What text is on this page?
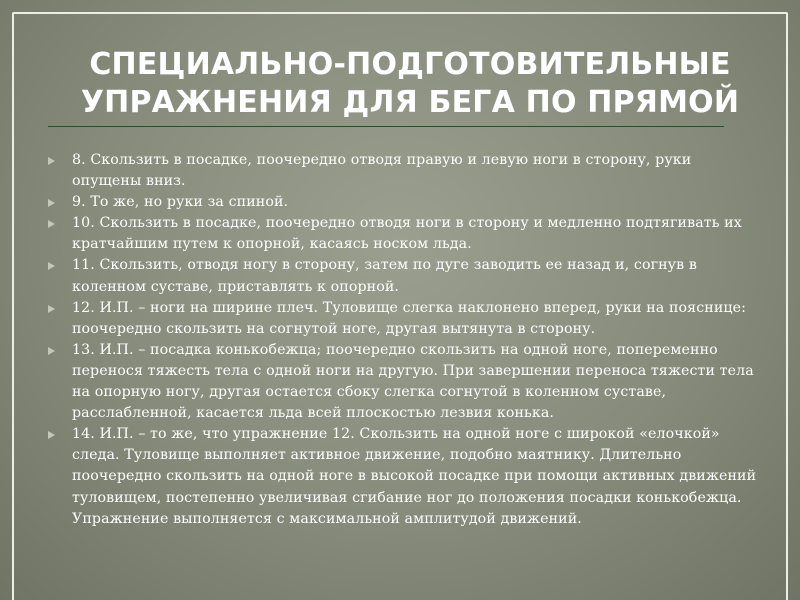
СПЕЦИАЛЬНО-ПОДГОТОВИТЕЛЬНЫЕ
УПРАЖНЕНИЯ ДЛЯ БЕГА ПО ПРЯМОЙ
8. Скользить в посадке, поочередно отводя правую и левую ноги в сторону, руки опущены вниз.
9. То же, но руки за спиной.
10. Скользить в посадке, поочередно отводя ноги в сторону и медленно подтягивать их кратчайшим путем к опорной, касаясь носком льда.
11. Скользить, отводя ногу в сторону, затем по дуге заводить ее назад и, согнув в коленном суставе, приставлять к опорной.
12. И.П. – ноги на ширине плеч. Туловище слегка наклонено вперед, руки на пояснице: поочередно скользить на согнутой ноге, другая вытянута в сторону.
13. И.П. – посадка конькобежца; поочередно скользить на одной ноге, попеременно перенося тяжесть тела с одной ноги на другую. При завершении переноса тяжести тела на опорную ногу, другая остается сбоку слегка согнутой в коленном суставе, расслабленной, касается льда всей плоскостью лезвия конька.
14. И.П. – то же, что упражнение 12. Скользить на одной ноге с широкой «елочкой» следа. Туловище выполняет активное движение, подобно маятнику. Длительно поочередно скользить на одной ноге в высокой посадке при помощи активных движений туловищем, постепенно увеличивая сгибание ног до положения посадки конькобежца. Упражнение выполняется с максимальной амплитудой движений.
